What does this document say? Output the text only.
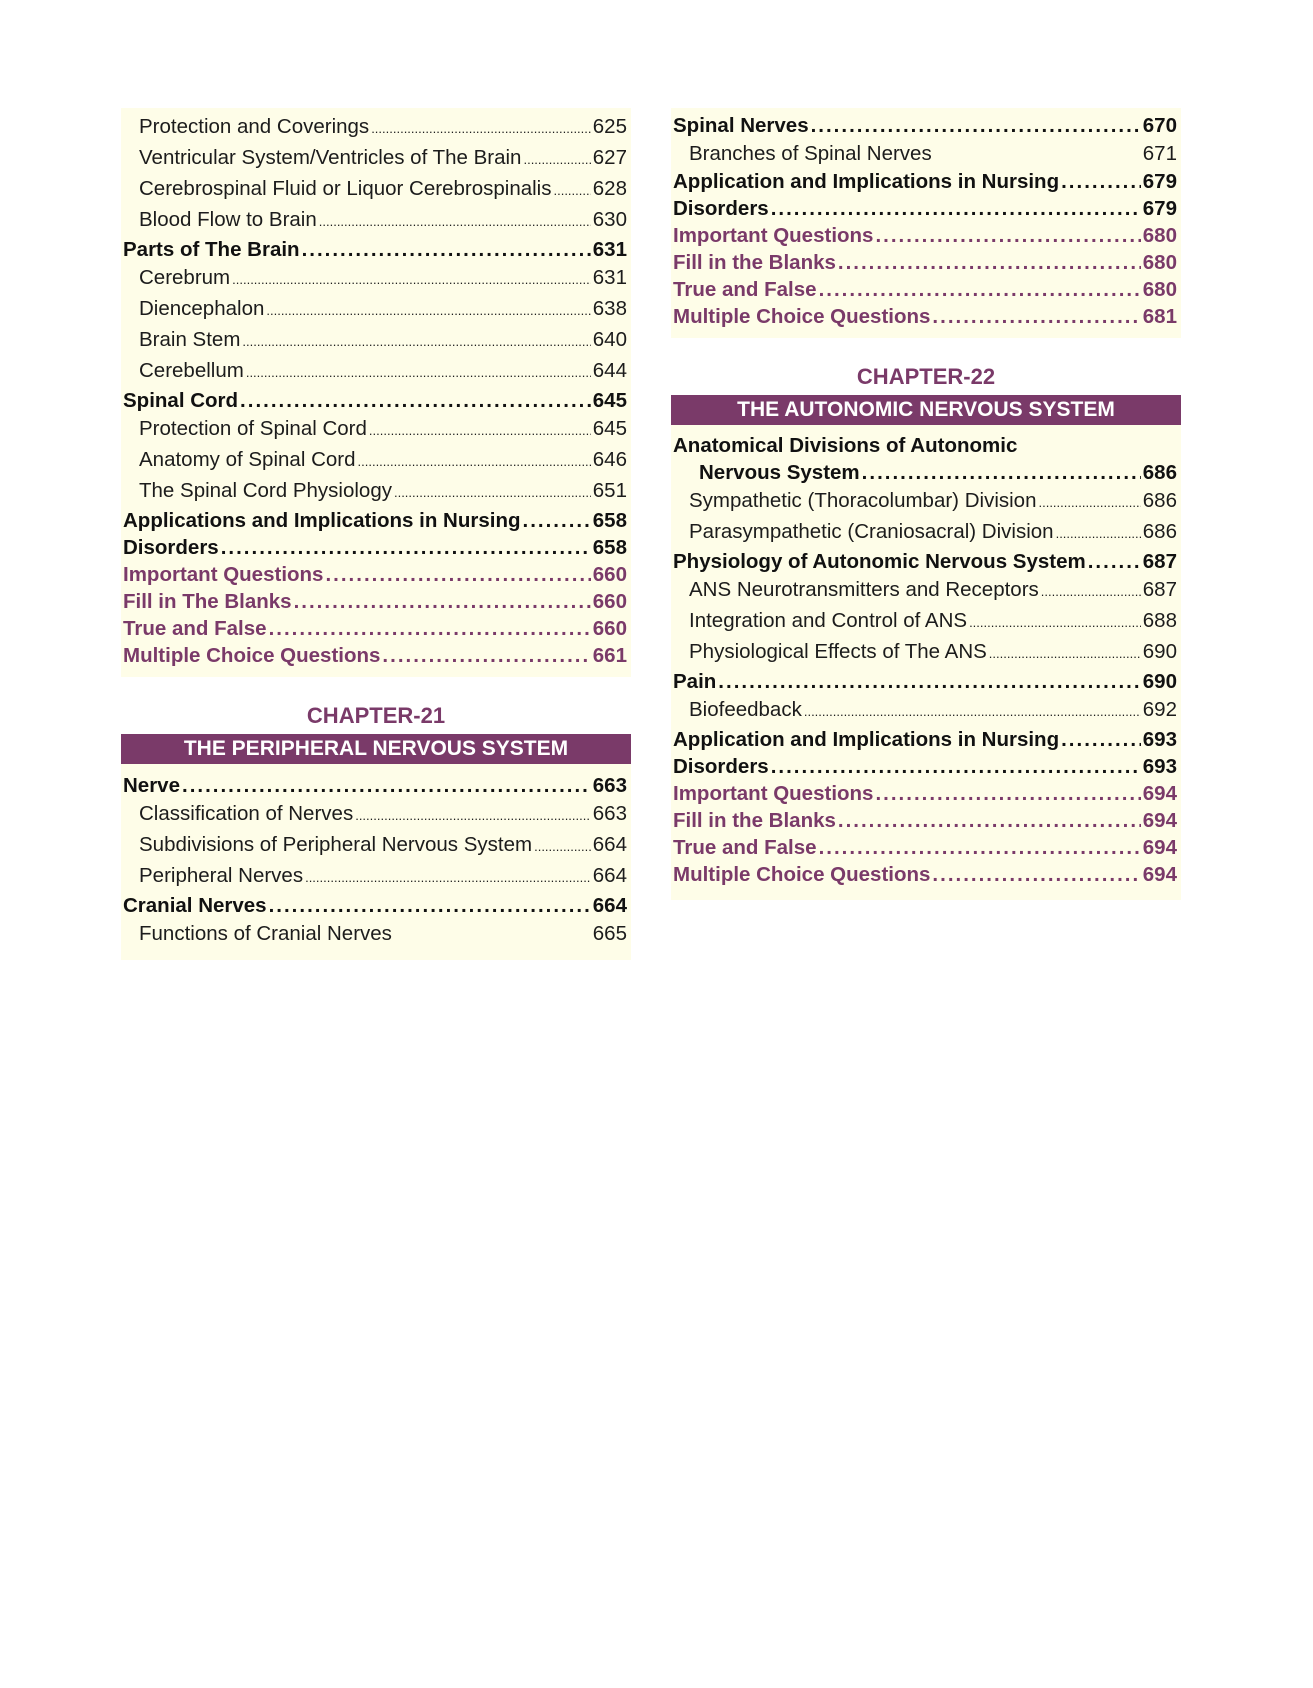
Protection and Coverings .....	625
Ventricular System/Ventricles of The Brain .....	627
Cerebrospinal Fluid or Liquor Cerebrospinalis ..... 628
Blood Flow to Brain .....	630
Parts of The Brain .....	631
Cerebrum .....	631
Diencephalon .....	638
Brain Stem .....	640
Cerebellum .....	644
Spinal Cord .....	645
Protection of Spinal Cord .....	645
Anatomy of Spinal Cord .....	646
The Spinal Cord Physiology .....	651
Applications and Implications in Nursing .....	658
Disorders .....	658
Important Questions .....	660
Fill in The Blanks .....	660
True and False .....	660
Multiple Choice Questions .....	661
CHAPTER-21
THE PERIPHERAL NERVOUS SYSTEM
Nerve .....	663
Classification of Nerves .....	663
Subdivisions of Peripheral Nervous System .....	664
Peripheral Nerves .....	664
Cranial Nerves .....	664
Functions of Cranial Nerves	665
Spinal Nerves .....	670
Branches of Spinal Nerves	671
Application and Implications in Nursing .....	679
Disorders .....	679
Important Questions .....	680
Fill in the Blanks .....	680
True and False .....	680
Multiple Choice Questions .....	681
CHAPTER-22
THE AUTONOMIC NERVOUS SYSTEM
Anatomical Divisions of Autonomic
Nervous System .....	686
Sympathetic (Thoracolumbar) Division .....	686
Parasympathetic (Craniosacral) Division .....	686
Physiology of Autonomic Nervous System .....	687
ANS Neurotransmitters and Receptors .....	687
Integration and Control of ANS .....	688
Physiological Effects of The ANS .....	690
Pain .....	690
Biofeedback .....	692
Application and Implications in Nursing .....	693
Disorders .....	693
Important Questions .....	694
Fill in the Blanks .....	694
True and False .....	694
Multiple Choice Questions .....	694
